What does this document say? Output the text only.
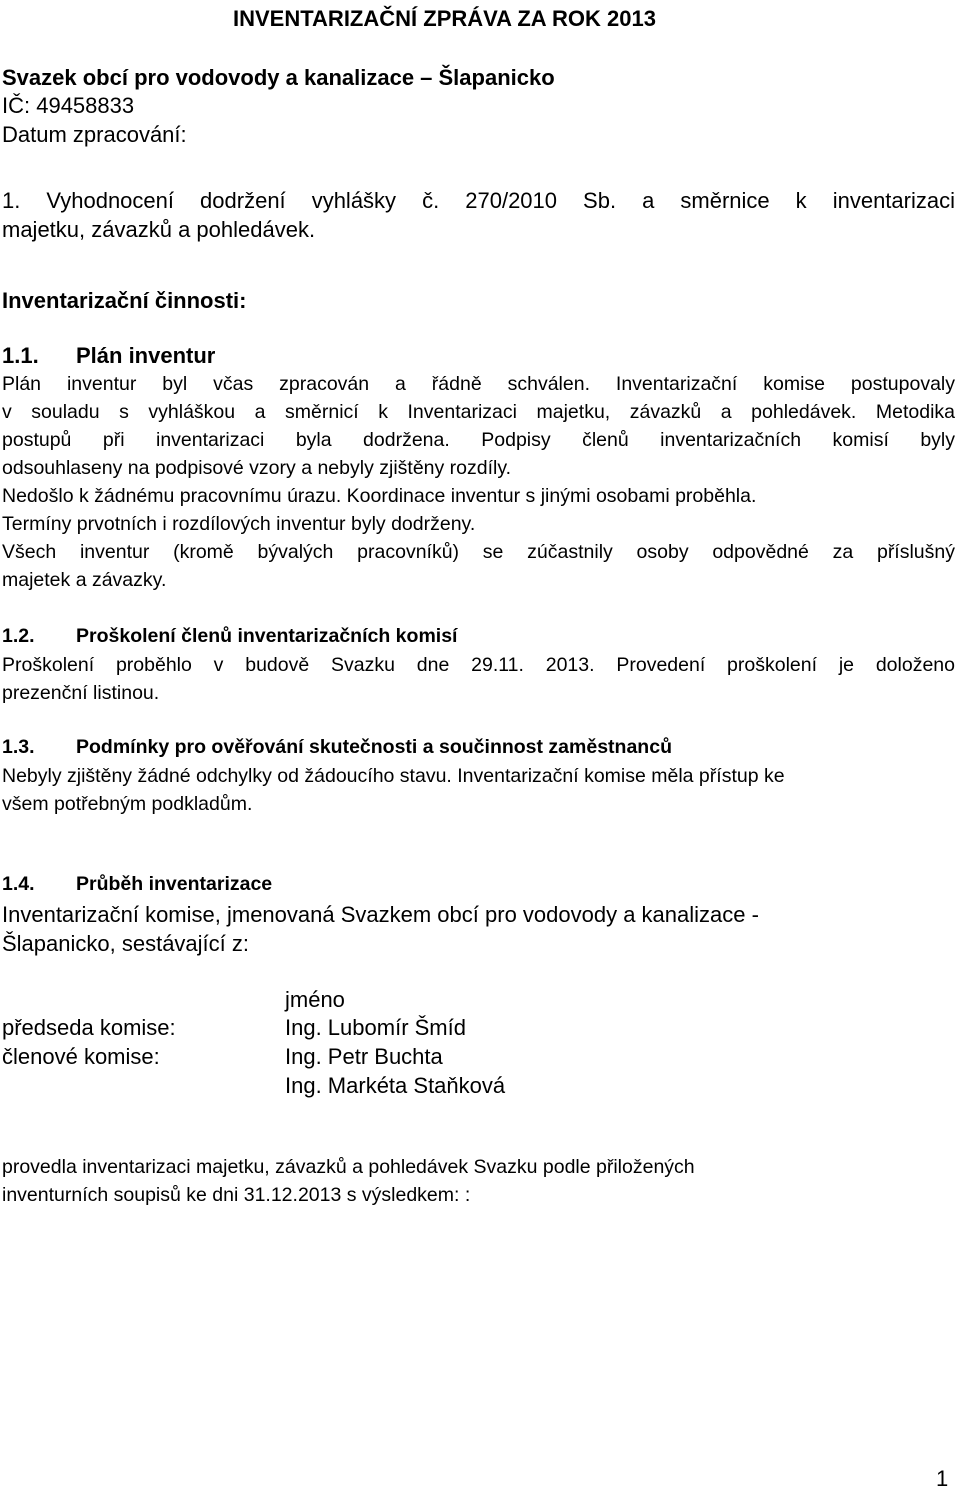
INVENTARIZAČNÍ ZPRÁVA ZA ROK 2013
Svazek obcí pro vodovody a kanalizace – Šlapanicko
IČ: 49458833
Datum zpracování:
1. Vyhodnocení dodržení vyhlášky č. 270/2010 Sb. a směrnice k inventarizaci
majetku, závazků a pohledávek.
Inventarizační činnosti:
1.1. Plán inventur
Plán inventur byl včas zpracován a řádně schválen. Inventarizační komise postupovaly
v souladu s vyhláškou a směrnicí k Inventarizaci majetku, závazků a pohledávek. Metodika
postupů při inventarizaci byla dodržena. Podpisy členů inventarizačních komisí byly
odsouhlaseny na podpisové vzory a nebyly zjištěny rozdíly.
Nedošlo k žádnému pracovnímu úrazu. Koordinace inventur s jinými osobami proběhla.
Termíny prvotních i rozdílových inventur byly dodrženy.
Všech inventur (kromě bývalých pracovníků) se zúčastnily osoby odpovědné za příslušný
majetek a závazky.
1.2. Proškolení členů inventarizačních komisí
Proškolení proběhlo v budově Svazku dne 29.11. 2013. Provedení proškolení je doloženo
prezenční listinou.
1.3. Podmínky pro ověřování skutečnosti a součinnost zaměstnanců
Nebyly zjištěny žádné odchylky od žádoucího stavu. Inventarizační komise měla přístup ke
všem potřebným podkladům.
1.4. Průběh inventarizace
Inventarizační komise, jmenovaná Svazkem obcí pro vodovody a kanalizace -
Šlapanicko, sestávající z:
jméno
předseda komise:	Ing. Lubomír Šmíd
členové komise:	Ing. Petr Buchta
Ing. Markéta Staňková
provedla inventarizaci majetku, závazků a pohledávek Svazku podle přiložených
inventurních soupisů ke dni 31.12.2013 s výsledkem: :
1
